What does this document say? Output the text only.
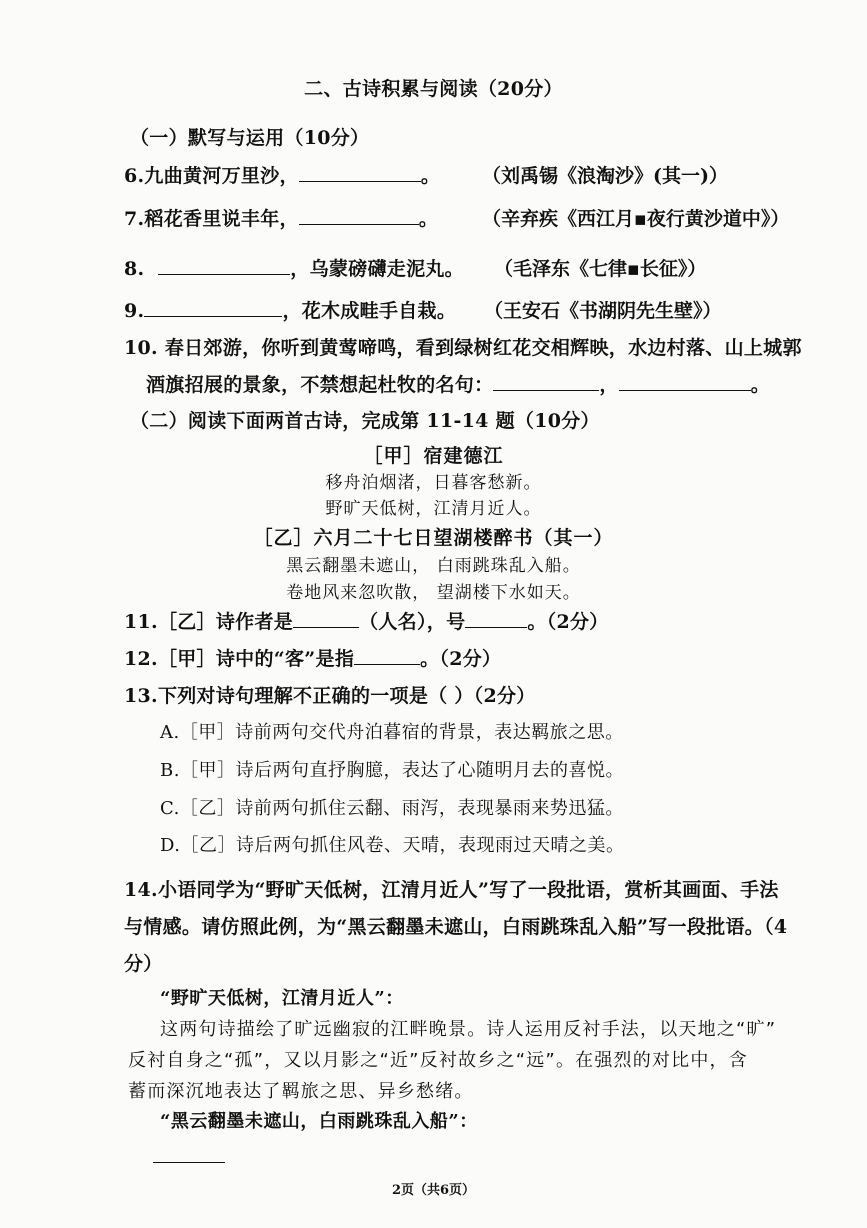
二、古诗积累与阅读（20分）
（一）默写与运用（10分）
6.九曲黄河万里沙，	。 （刘禹锡《浪淘沙》(其一)）
7.稻花香里说丰年，	。 （辛弃疾《西江月▪夜行黄沙道中》）
8.	，乌蒙磅礴走泥丸。 （毛泽东《七律▪长征》）
9.	，花木成畦手自栽。 （王安石《书湖阴先生壁》）
10. 春日郊游，你听到黄莺啼鸣，看到绿树红花交相辉映，水边村落、山上城郭
酒旗招展的景象，不禁想起杜牧的名句：	，	。
（二）阅读下面两首古诗，完成第 11-14 题（10分）
［甲］宿建德江
移舟泊烟渚，日暮客愁新。
野旷天低树，江清月近人。
［乙］六月二十七日望湖楼醉书（其一）
黑云翻墨未遮山， 白雨跳珠乱入船。
卷地风来忽吹散， 望湖楼下水如天。
11.［乙］诗作者是	（人名），号	。（2分）
12.［甲］诗中的“客”是指	。（2分）
13.下列对诗句理解不正确的一项是（ ）（2分）
A.［甲］诗前两句交代舟泊暮宿的背景，表达羁旅之思。
B.［甲］诗后两句直抒胸臆，表达了心随明月去的喜悦。
C.［乙］诗前两句抓住云翻、雨泻，表现暴雨来势迅猛。
D.［乙］诗后两句抓住风卷、天晴，表现雨过天晴之美。
14.小语同学为“野旷天低树，江清月近人”写了一段批语，赏析其画面、手法
与情感。请仿照此例，为“黑云翻墨未遮山，白雨跳珠乱入船”写一段批语。（4
分）
“野旷天低树，江清月近人”：
这两句诗描绘了旷远幽寂的江畔晚景。诗人运用反衬手法，以天地之“旷”
反衬自身之“孤”，又以月影之“近”反衬故乡之“远”。在强烈的对比中，含
蓄而深沉地表达了羁旅之思、异乡愁绪。
“黑云翻墨未遮山，白雨跳珠乱入船”：
2页（共6页）
